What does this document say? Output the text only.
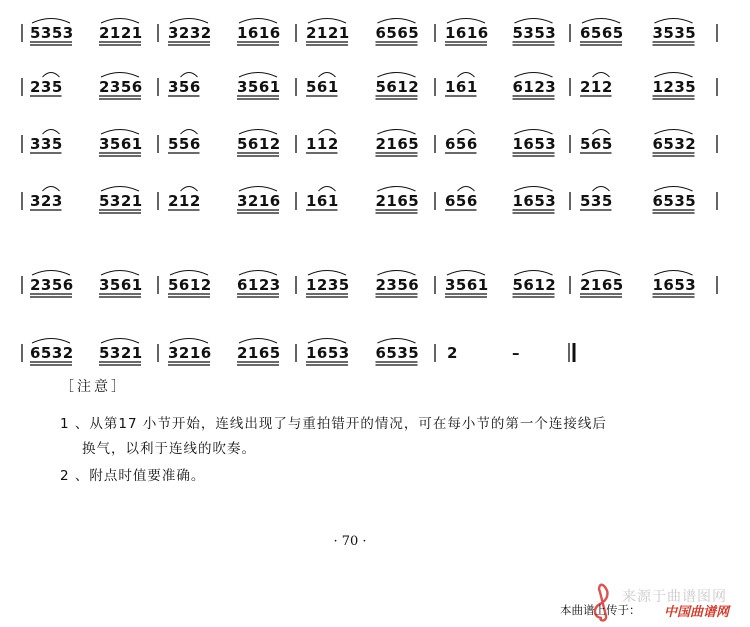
5353 2121 3232 1616 2121 6565 1616 5353 6565 3535
235 2356 356 3561 561 5612 161 6123 212	1235
335 3561 556 5612 112 2165 656 1653 565	6532
323 5321 212 3216 161 2165 656 1653 535	6535
2356 3561 5612 6123 1235 2356 3561 5612 2165 1653
6532 5321 3216 2165 1653 6535 2	–
［注意］
1 、从第17 小节开始，连线出现了与重拍错开的情况，可在每小节的第一个连接线后
换气，以利于连线的吹奏。
2 、附点时值要准确。
· 70 ·
来源于曲谱图网
本曲谱上传于： 中国曲谱网
